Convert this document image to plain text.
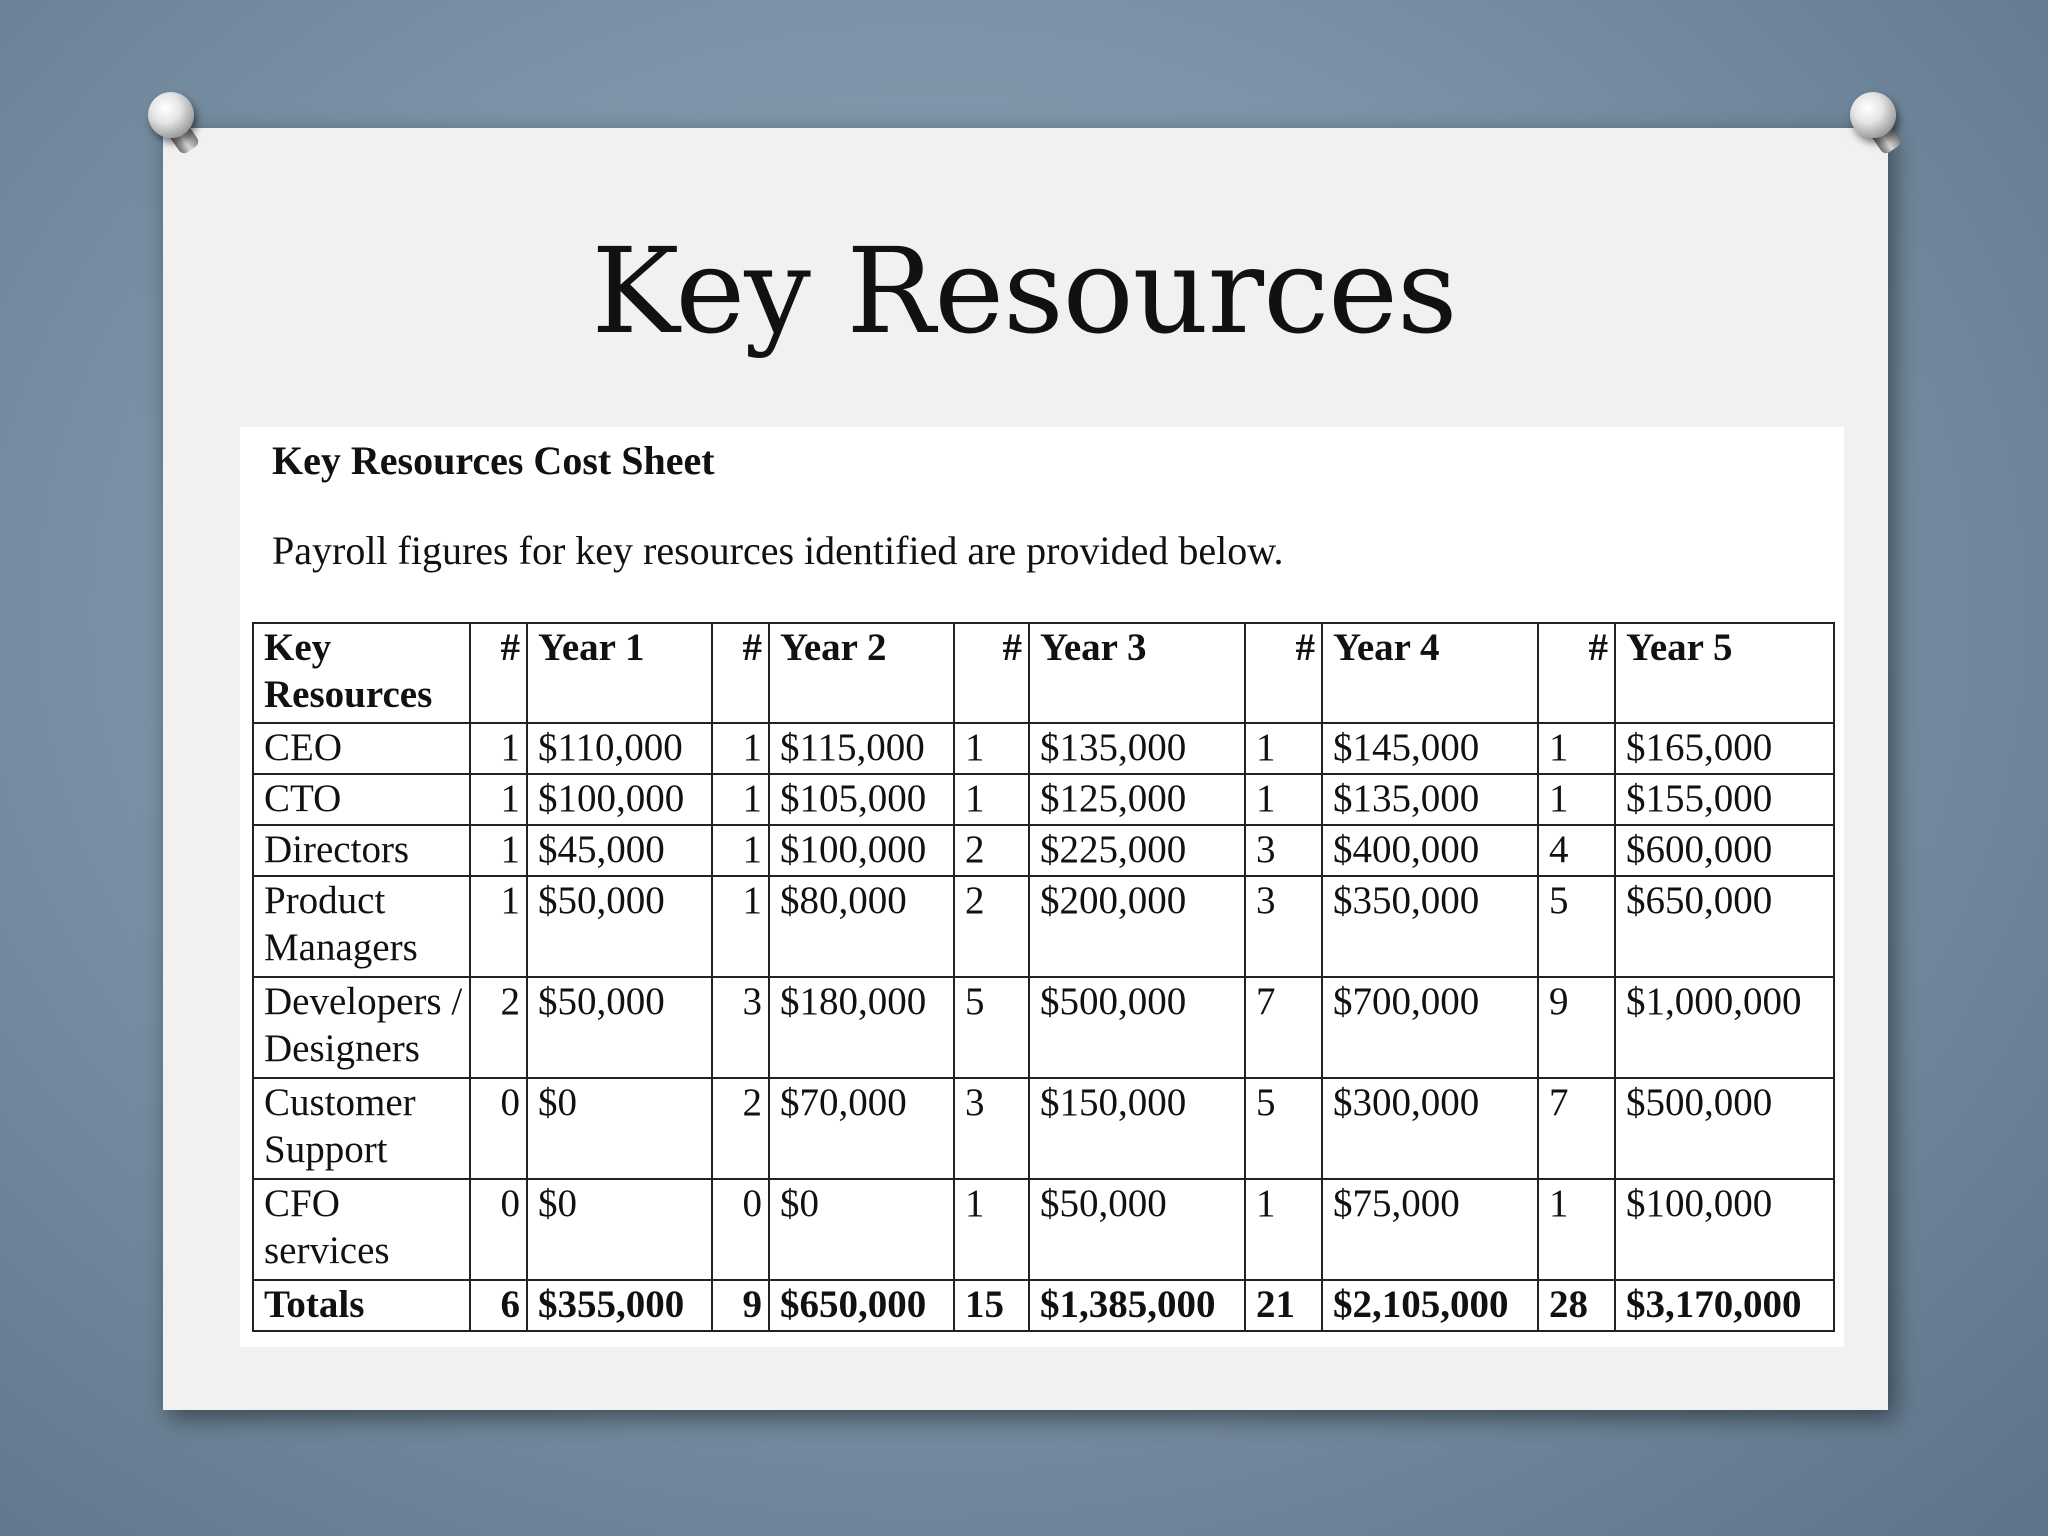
Key Resources
Key Resources Cost Sheet
Payroll figures for key resources identified are provided below.
Key Resources	#	Year 1	#	Year 2	#	Year 3	#	Year 4	#	Year 5
CEO	1	$110,000	1	$115,000	1	$135,000	1	$145,000	1	$165,000
CTO	1	$100,000	1	$105,000	1	$125,000	1	$135,000	1	$155,000
Directors	1	$45,000	1	$100,000	2	$225,000	3	$400,000	4	$600,000
Product Managers	1	$50,000	1	$80,000	2	$200,000	3	$350,000	5	$650,000
Developers / Designers	2	$50,000	3	$180,000	5	$500,000	7	$700,000	9	$1,000,000
Customer Support	0	$0	2	$70,000	3	$150,000	5	$300,000	7	$500,000
CFO services	0	$0	0	$0	1	$50,000	1	$75,000	1	$100,000
Totals	6	$355,000	9	$650,000	15	$1,385,000	21	$2,105,000	28	$3,170,000
